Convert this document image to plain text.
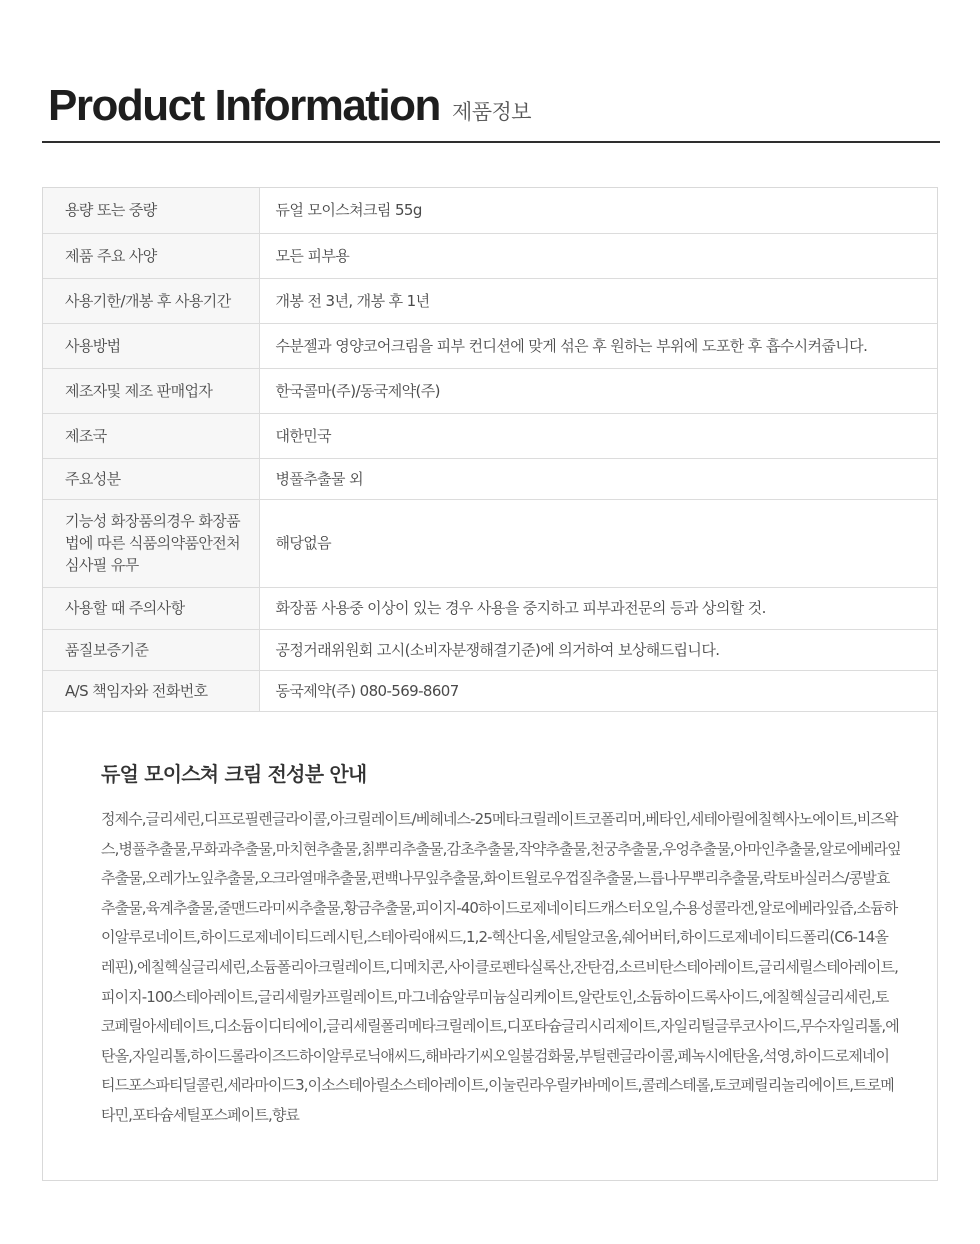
Product Information 제품정보
용량 또는 중량	듀얼 모이스쳐크림 55g
제품 주요 사양	모든 피부용
사용기한/개봉 후 사용기간	개봉 전 3년, 개봉 후 1년
사용방법	수분젤과 영양코어크림을 피부 컨디션에 맞게 섞은 후 원하는 부위에 도포한 후 흡수시켜줍니다.
제조자및 제조 판매업자	한국콜마(주)/동국제약(주)
제조국	대한민국
주요성분	병풀추출물 외
기능성 화장품의경우 화장품법에 따른 식품의약품안전처 심사필 유무	해당없음
사용할 때 주의사항	화장품 사용중 이상이 있는 경우 사용을 중지하고 피부과전문의 등과 상의할 것.
품질보증기준	공정거래위원회 고시(소비자분쟁해결기준)에 의거하여 보상해드립니다.
A/S 책임자와 전화번호	동국제약(주) 080-569-8607
듀얼 모이스쳐 크림 전성분 안내

정제수,글리세린,디프로필렌글라이콜,아크릴레이트/베헤네스-25메타크릴레이트코폴리머,베타인,세테아릴에칠헥사노에이트,비즈왁스,병풀추출물,무화과추출물,마치현추출물,칡뿌리추출물,감초추출물,작약추출물,천궁추출물,우엉추출물,아마인추출물,알로에베라잎추출물,오레가노잎추출물,오크라열매추출물,편백나무잎추출물,화이트윌로우껍질추출물,느릅나무뿌리추출물,락토바실러스/콩발효추출물,육계추출물,줄맨드라미씨추출물,황금추출물,피이지-40하이드로제네이티드캐스터오일,수용성콜라겐,알로에베라잎즙,소듐하이알루로네이트,하이드로제네이티드레시틴,스테아릭애씨드,1,2-헥산디올,세틸알코올,쉐어버터,하이드로제네이티드폴리(C6-14올레핀),에칠헥실글리세린,소듐폴리아크릴레이트,디메치콘,사이클로펜타실록산,잔탄검,소르비탄스테아레이트,글리세릴스테아레이트,피이지-100스테아레이트,글리세릴카프릴레이트,마그네슘알루미늄실리케이트,알란토인,소듐하이드록사이드,에칠헥실글리세린,토코페릴아세테이트,디소듐이디티에이,글리세릴폴리메타크릴레이트,디포타슘글리시리제이트,자일리틸글루코사이드,무수자일리톨,에탄올,자일리톨,하이드롤라이즈드하이알루로닉애씨드,해바라기씨오일불검화물,부틸렌글라이콜,페녹시에탄올,석영,하이드로제네이티드포스파티딜콜린,세라마이드3,이소스테아릴소스테아레이트,이눌린라우릴카바메이트,콜레스테롤,토코페릴리놀리에이트,트로메타민,포타슘세틸포스페이트,향료
